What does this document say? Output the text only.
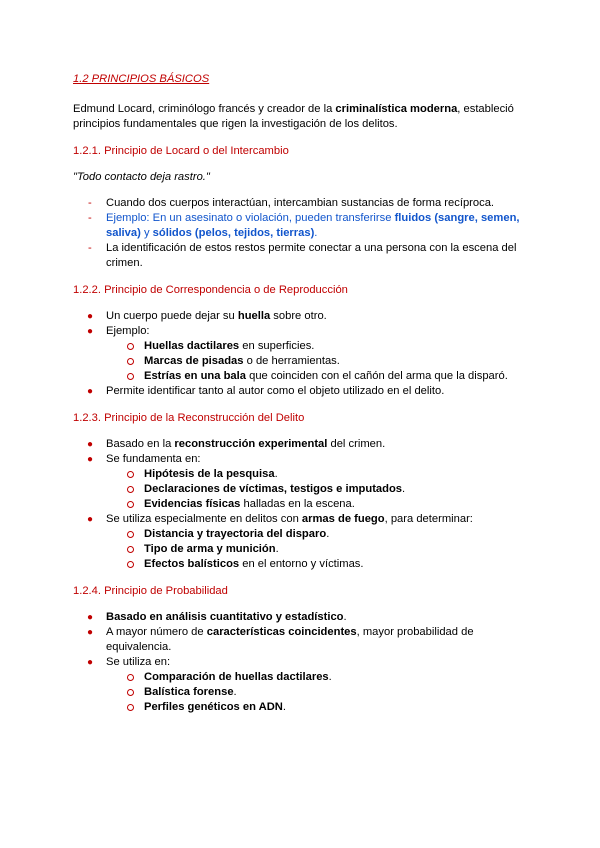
1.2 PRINCIPIOS BÁSICOS

Edmund Locard, criminólogo francés y creador de la criminalística moderna, estableció principios fundamentales que rigen la investigación de los delitos.

1.2.1. Principio de Locard o del Intercambio
"Todo contacto deja rastro."
- Cuando dos cuerpos interactúan, intercambian sustancias de forma recíproca.
- Ejemplo: En un asesinato o violación, pueden transferirse fluidos (sangre, semen, saliva) y sólidos (pelos, tejidos, tierras).
- La identificación de estos restos permite conectar a una persona con la escena del crimen.
1.2.2. Principio de Correspondencia o de Reproducción
● Un cuerpo puede dejar su huella sobre otro.
● Ejemplo:
Huellas dactilares en superficies.
Marcas de pisadas o de herramientas.
Estrías en una bala que coinciden con el cañón del arma que la disparó.
● Permite identificar tanto al autor como el objeto utilizado en el delito.
1.2.3. Principio de la Reconstrucción del Delito
● Basado en la reconstrucción experimental del crimen.
● Se fundamenta en:
Hipótesis de la pesquisa.
Declaraciones de víctimas, testigos e imputados.
Evidencias físicas halladas en la escena.
● Se utiliza especialmente en delitos con armas de fuego, para determinar:
Distancia y trayectoria del disparo.
Tipo de arma y munición.
Efectos balísticos en el entorno y víctimas.
1.2.4. Principio de Probabilidad
● Basado en análisis cuantitativo y estadístico.
● A mayor número de características coincidentes, mayor probabilidad de equivalencia.
● Se utiliza en:
Comparación de huellas dactilares.
Balística forense.
Perfiles genéticos en ADN.
